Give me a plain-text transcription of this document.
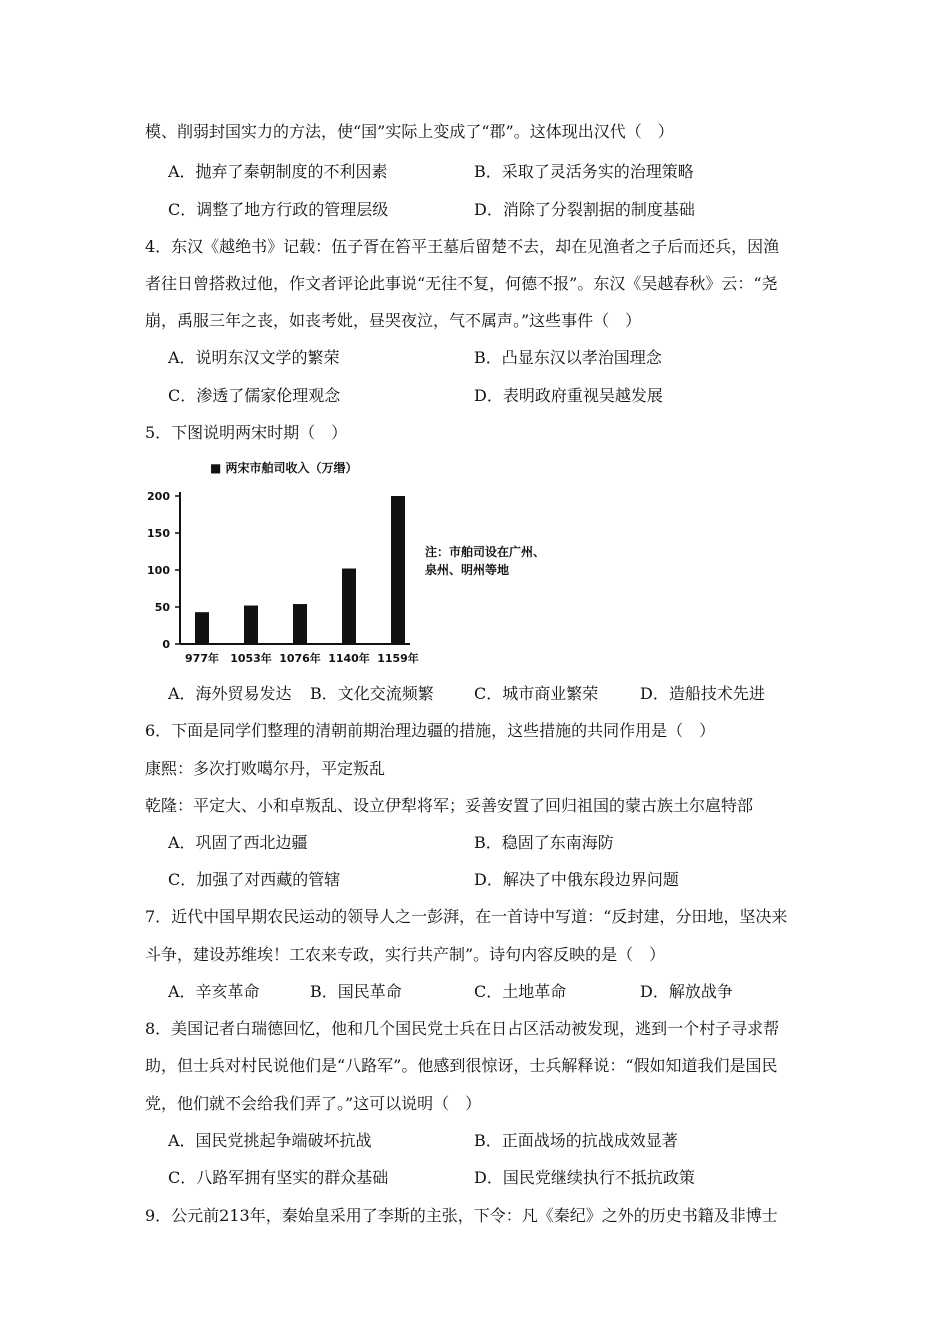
模、削弱封国实力的方法，使“国”实际上变成了“郡”。这体现出汉代（　）
A．抛弃了秦朝制度的不利因素	B．采取了灵活务实的治理策略
C．调整了地方行政的管理层级	D．消除了分裂割据的制度基础
4．东汉《越绝书》记载：伍子胥在笞平王墓后留楚不去，却在见渔者之子后而还兵，因渔
者往日曾搭救过他，作文者评论此事说“无往不复，何德不报”。东汉《吴越春秋》云：“尧
崩，禹服三年之丧，如丧考妣，昼哭夜泣，气不属声。”这些事件（　）
A．说明东汉文学的繁荣	B．凸显东汉以孝治国理念
C．渗透了儒家伦理观念	D．表明政府重视吴越发展
5．下图说明两宋时期（　）
■ 两宋市舶司收入（万缗）
0
50
100
150
200
977年 1053年 1076年 1140年 1159年
注：市舶司设在广州、
泉州、明州等地
A．海外贸易发达 B．文化交流频繁	C．城市商业繁荣	D．造船技术先进
6．下面是同学们整理的清朝前期治理边疆的措施，这些措施的共同作用是（　）
康熙：多次打败噶尔丹，平定叛乱
乾隆：平定大、小和卓叛乱、设立伊犁将军；妥善安置了回归祖国的蒙古族土尔扈特部
A．巩固了西北边疆	B．稳固了东南海防
C．加强了对西藏的管辖	D．解决了中俄东段边界问题
7．近代中国早期农民运动的领导人之一彭湃，在一首诗中写道：“反封建，分田地，坚决来
斗争，建设苏维埃！工农来专政，实行共产制”。诗句内容反映的是（　）
A．辛亥革命	B．国民革命	C．土地革命	D．解放战争
8．美国记者白瑞德回忆，他和几个国民党士兵在日占区活动被发现，逃到一个村子寻求帮
助，但士兵对村民说他们是“八路军”。他感到很惊讶，士兵解释说：“假如知道我们是国民
党，他们就不会给我们弄了。”这可以说明（　）
A．国民党挑起争端破坏抗战	B．正面战场的抗战成效显著
C．八路军拥有坚实的群众基础	D．国民党继续执行不抵抗政策
9．公元前213年，秦始皇采用了李斯的主张，下令：凡《秦纪》之外的历史书籍及非博士
